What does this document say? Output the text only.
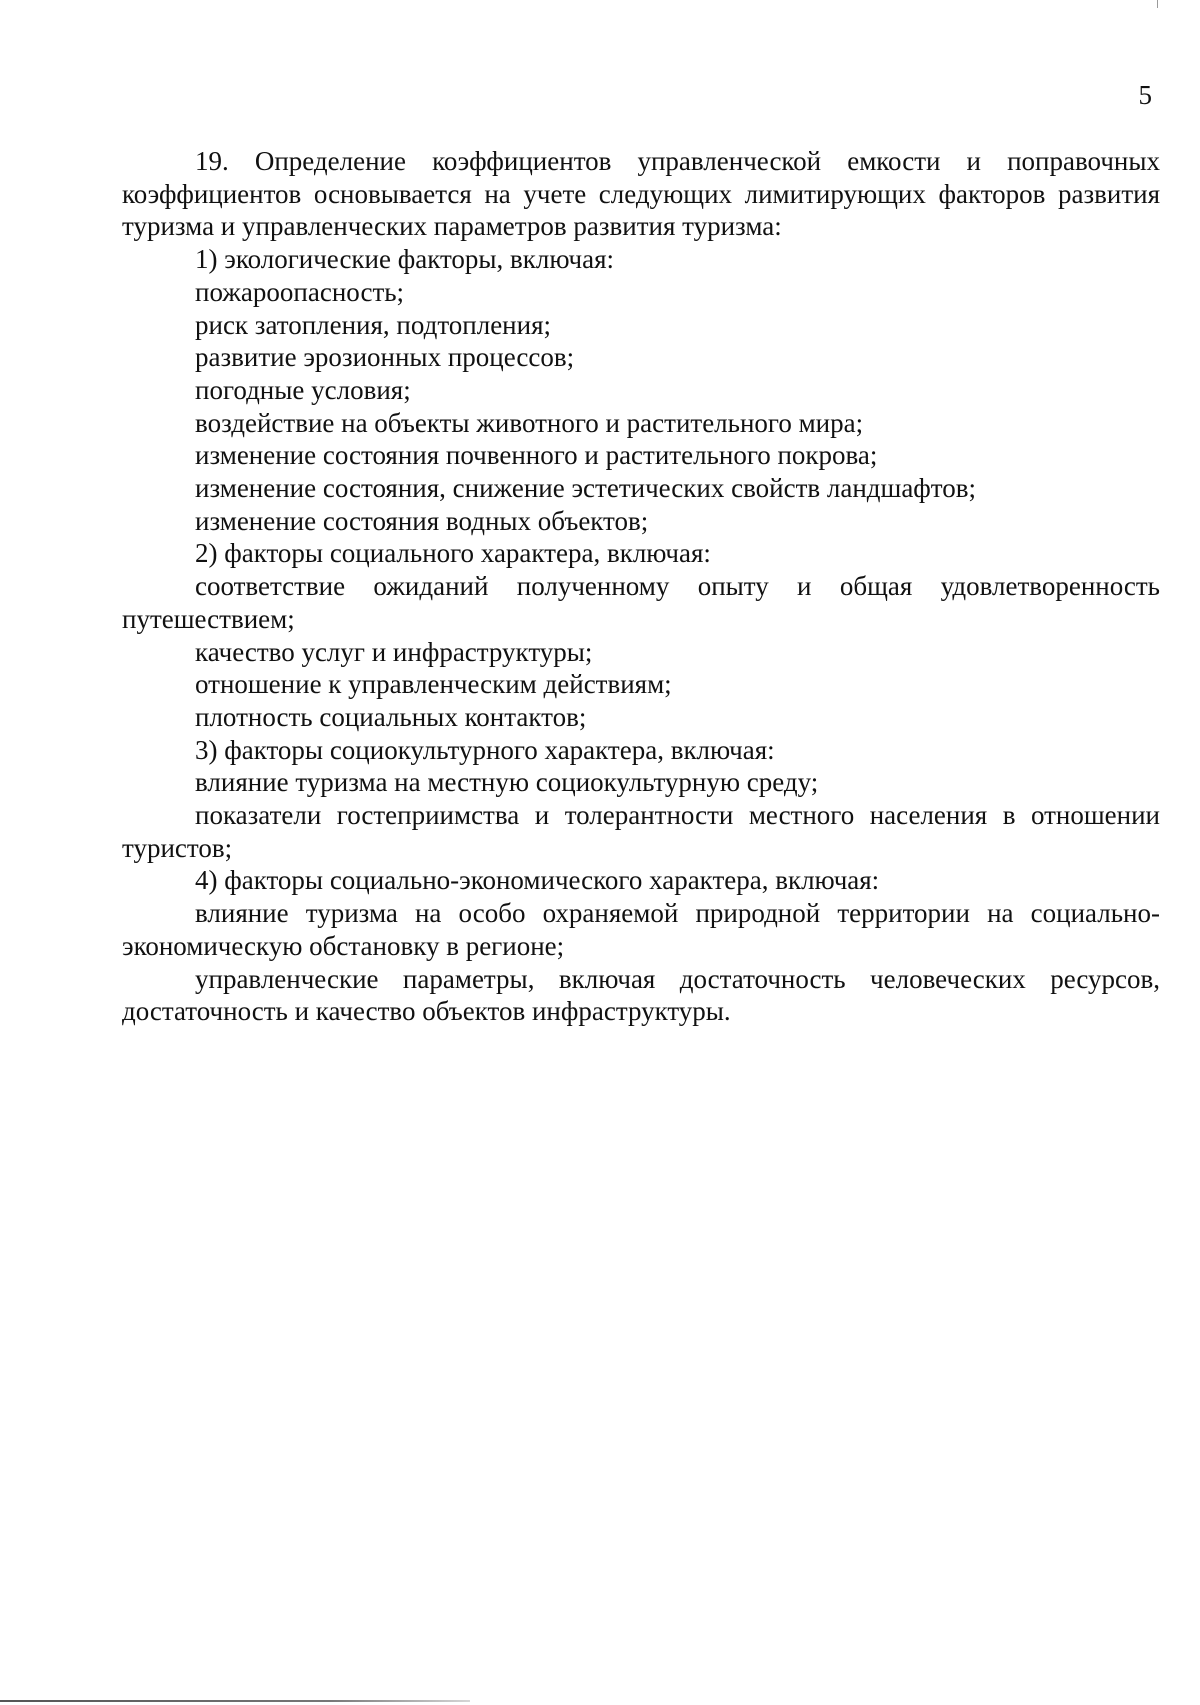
5

19. Определение коэффициентов управленческой емкости и поправочных коэффициентов основывается на учете следующих лимитирующих факторов развития туризма и управленческих параметров развития туризма:

1) экологические факторы, включая:

пожароопасность;

риск затопления, подтопления;

развитие эрозионных процессов;

погодные условия;

воздействие на объекты животного и растительного мира;

изменение состояния почвенного и растительного покрова;

изменение состояния, снижение эстетических свойств ландшафтов;

изменение состояния водных объектов;

2) факторы социального характера, включая:

соответствие ожиданий полученному опыту и общая удовлетворенность путешествием;

качество услуг и инфраструктуры;

отношение к управленческим действиям;

плотность социальных контактов;

3) факторы социокультурного характера, включая:

влияние туризма на местную социокультурную среду;

показатели гостеприимства и толерантности местного населения в отношении туристов;

4) факторы социально-экономического характера, включая:

влияние туризма на особо охраняемой природной территории на социально-экономическую обстановку в регионе;

управленческие параметры, включая достаточность человеческих ресурсов, достаточность и качество объектов инфраструктуры.
